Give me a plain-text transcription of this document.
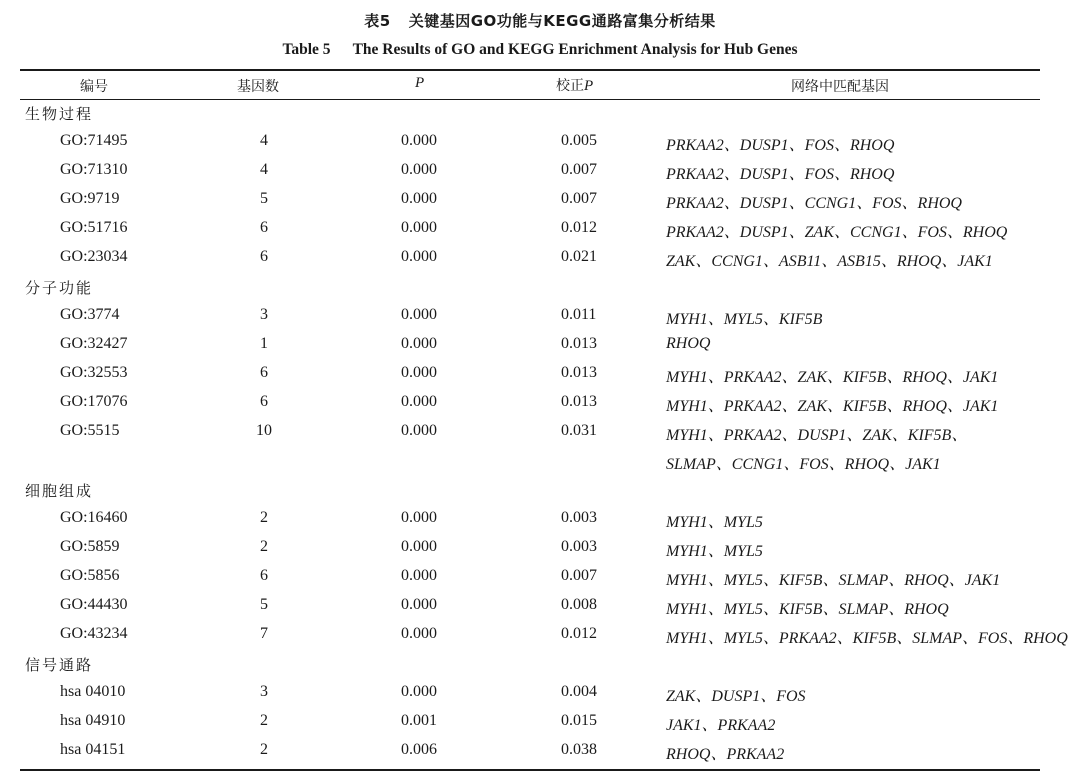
表5 关键基因GO功能与KEGG通路富集分析结果
Table 5 The Results of GO and KEGG Enrichment Analysis for Hub Genes
编号	基因数	P	校正P	网络中匹配基因
生物过程
GO:71495	4	0.000	0.005	PRKAA2、DUSP1、FOS、RHOQ
GO:71310	4	0.000	0.007	PRKAA2、DUSP1、FOS、RHOQ
GO:9719	5	0.000	0.007	PRKAA2、DUSP1、CCNG1、FOS、RHOQ
GO:51716	6	0.000	0.012	PRKAA2、DUSP1、ZAK、CCNG1、FOS、RHOQ
GO:23034	6	0.000	0.021	ZAK、CCNG1、ASB11、ASB15、RHOQ、JAK1
分子功能
GO:3774	3	0.000	0.011	MYH1、MYL5、KIF5B
GO:32427	1	0.000	0.013	RHOQ
GO:32553	6	0.000	0.013	MYH1、PRKAA2、ZAK、KIF5B、RHOQ、JAK1
GO:17076	6	0.000	0.013	MYH1、PRKAA2、ZAK、KIF5B、RHOQ、JAK1
GO:5515	10	0.000	0.031	MYH1、PRKAA2、DUSP1、ZAK、KIF5B、
SLMAP、CCNG1、FOS、RHOQ、JAK1
细胞组成
GO:16460	2	0.000	0.003	MYH1、MYL5
GO:5859	2	0.000	0.003	MYH1、MYL5
GO:5856	6	0.000	0.007	MYH1、MYL5、KIF5B、SLMAP、RHOQ、JAK1
GO:44430	5	0.000	0.008	MYH1、MYL5、KIF5B、SLMAP、RHOQ
GO:43234	7	0.000	0.012	MYH1、MYL5、PRKAA2、KIF5B、SLMAP、FOS、RHOQ
信号通路
hsa 04010	3	0.000	0.004	ZAK、DUSP1、FOS
hsa 04910	2	0.001	0.015	JAK1、PRKAA2
hsa 04151	2	0.006	0.038	RHOQ、PRKAA2
